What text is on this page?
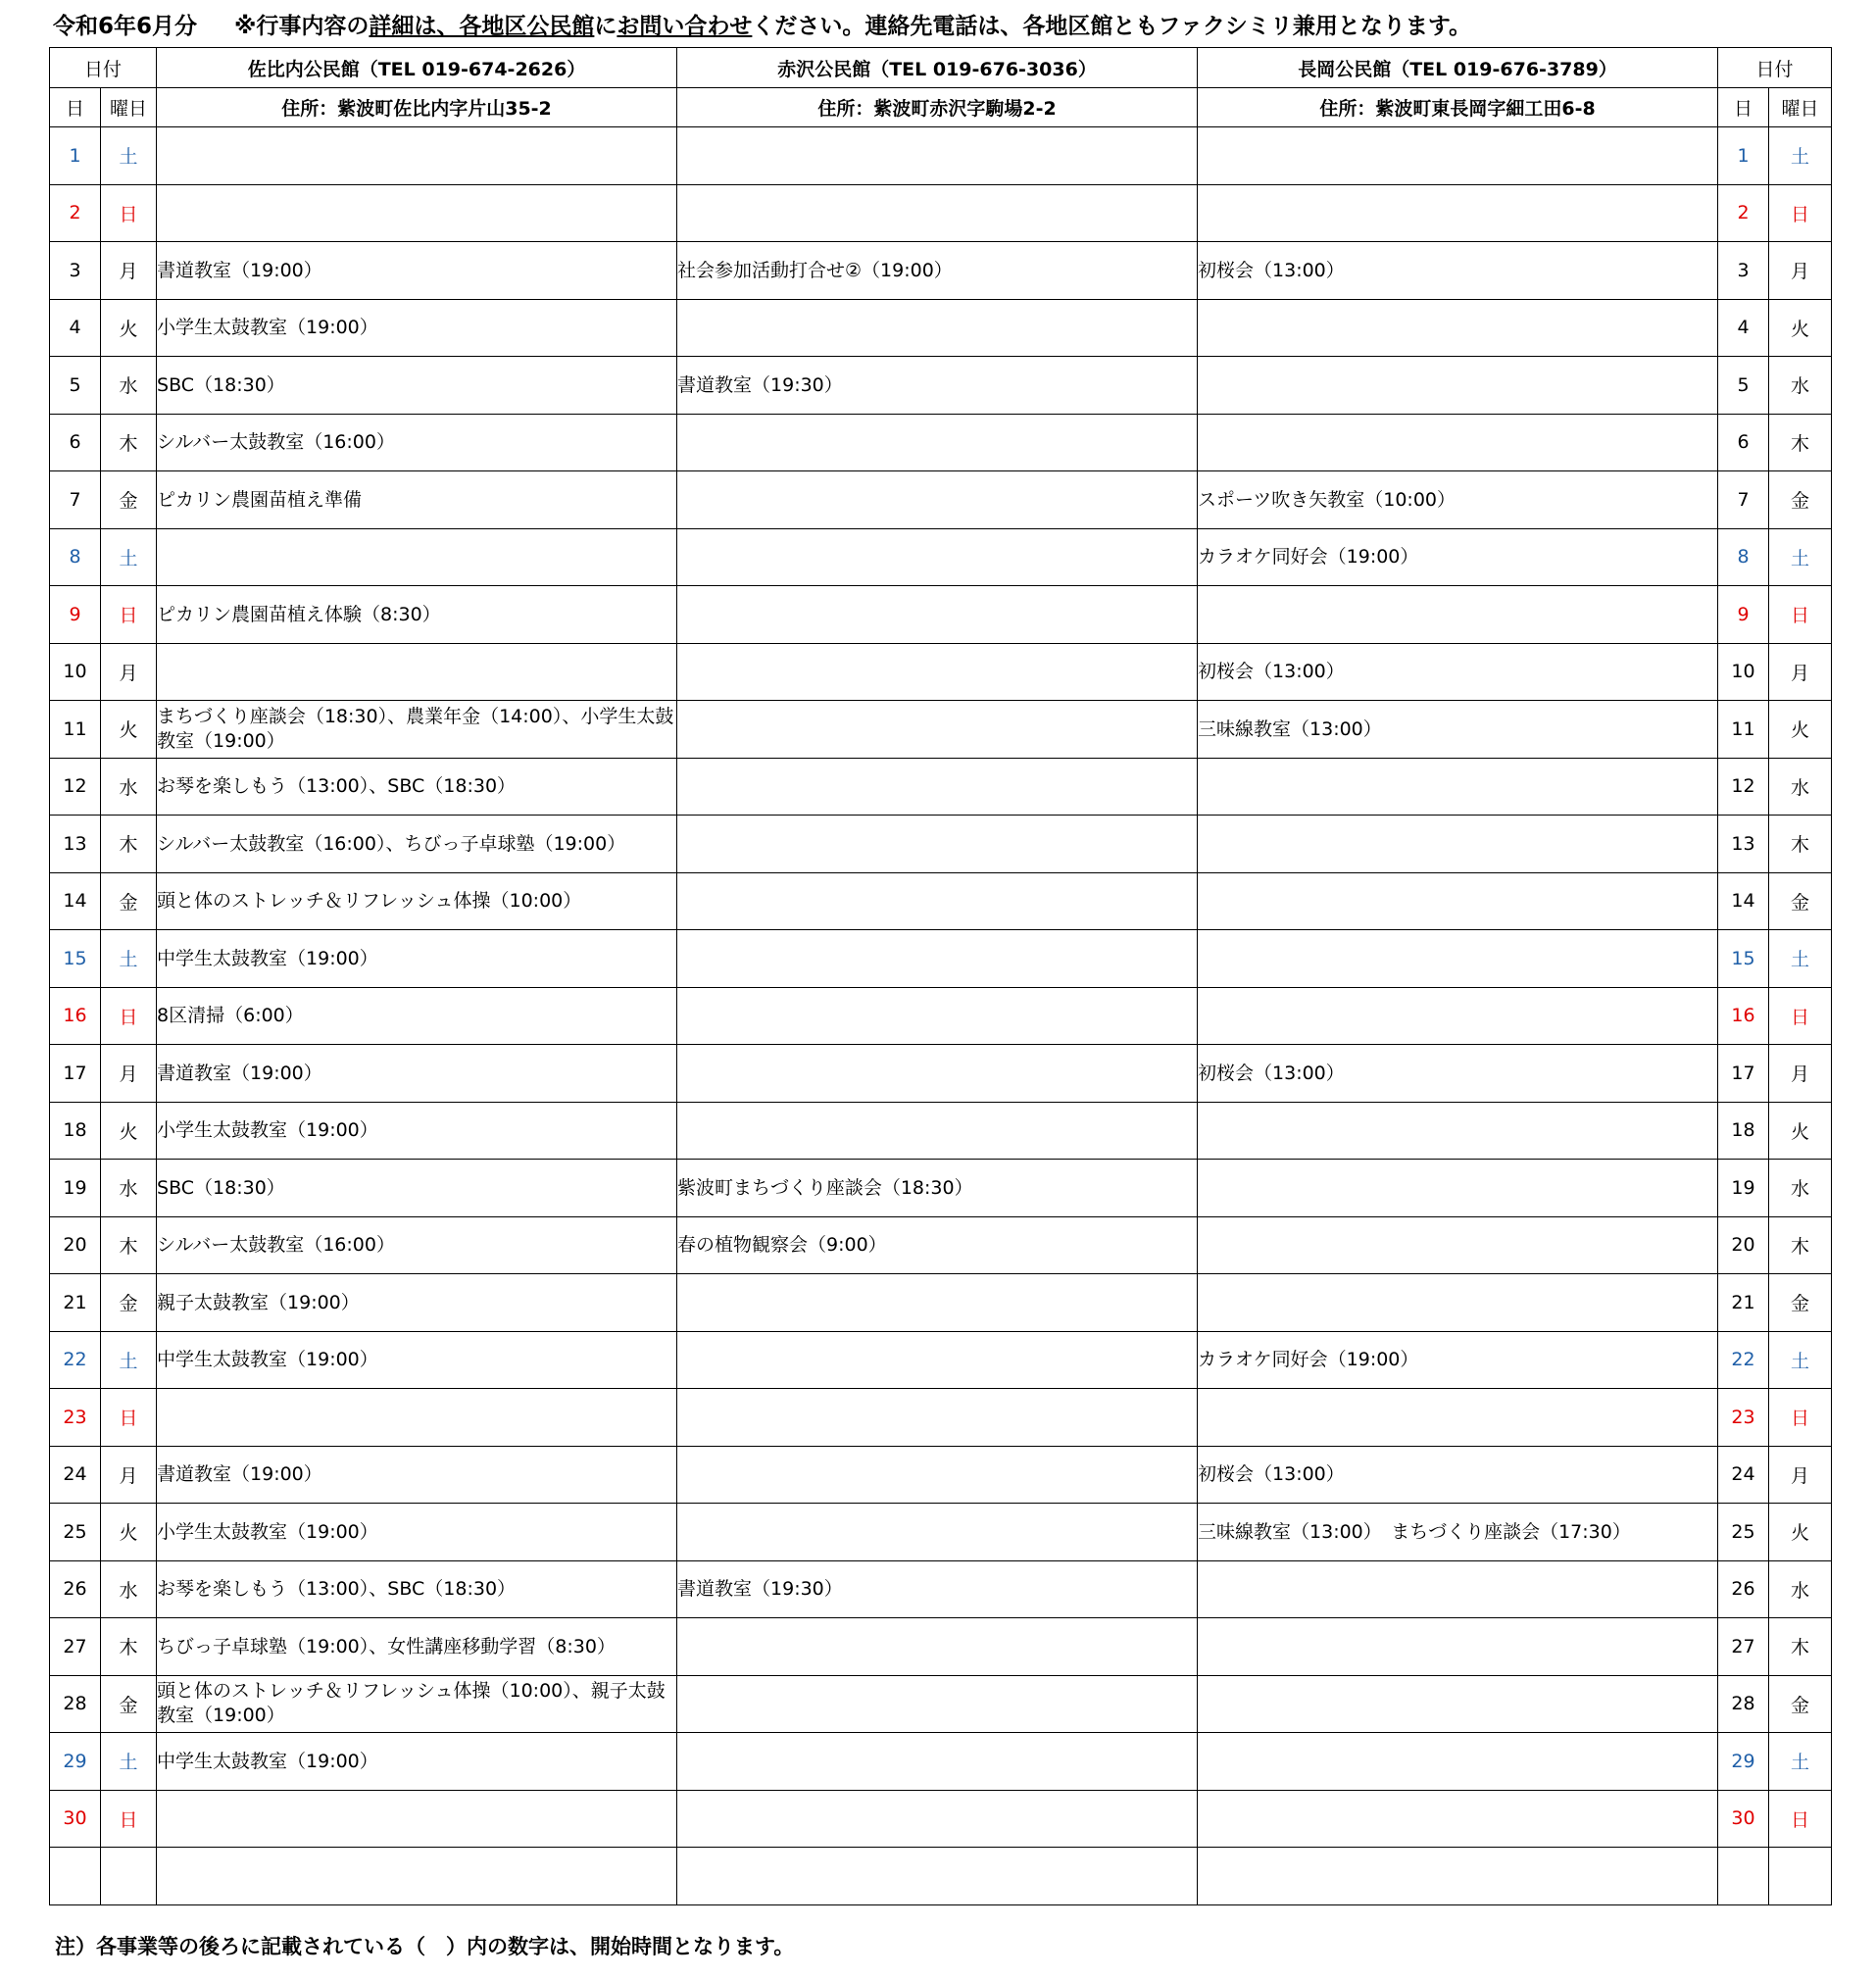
令和6年6月分 ※行事内容の詳細は、各地区公民館にお問い合わせください。連絡先電話は、各地区館ともファクシミリ兼用となります。
日付		佐比内公民館（TEL 019-674-2626）	赤沢公民館（TEL 019-676-3036）	長岡公民館（TEL 019-676-3789）	日付	
日	曜日	住所：紫波町佐比内字片山35-2	住所：紫波町赤沢字駒場2-2	住所：紫波町東長岡字細工田6-8	日	曜日
1	土				1	土
2	日				2	日
3	月	書道教室（19:00）	社会参加活動打合せ②（19:00）	初桜会（13:00）	3	月
4	火	小学生太鼓教室（19:00）			4	火
5	水	SBC（18:30）	書道教室（19:30）		5	水
6	木	シルバー太鼓教室（16:00）			6	木
7	金	ピカリン農園苗植え準備		スポーツ吹き矢教室（10:00）	7	金
8	土			カラオケ同好会（19:00）	8	土
9	日	ピカリン農園苗植え体験（8:30）			9	日
10	月			初桜会（13:00）	10	月
11	火	まちづくり座談会（18:30）、農業年金（14:00）、小学生太鼓教室（19:00）		三味線教室（13:00）	11	火
12	水	お琴を楽しもう（13:00）、SBC（18:30）			12	水
13	木	シルバー太鼓教室（16:00）、ちびっ子卓球塾（19:00）			13	木
14	金	頭と体のストレッチ＆リフレッシュ体操（10:00）			14	金
15	土	中学生太鼓教室（19:00）			15	土
16	日	8区清掃（6:00）			16	日
17	月	書道教室（19:00）		初桜会（13:00）	17	月
18	火	小学生太鼓教室（19:00）			18	火
19	水	SBC（18:30）	紫波町まちづくり座談会（18:30）		19	水
20	木	シルバー太鼓教室（16:00）	春の植物観察会（9:00）		20	木
21	金	親子太鼓教室（19:00）			21	金
22	土	中学生太鼓教室（19:00）		カラオケ同好会（19:00）	22	土
23	日				23	日
24	月	書道教室（19:00）		初桜会（13:00）	24	月
25	火	小学生太鼓教室（19:00）		三味線教室（13:00）　まちづくり座談会（17:30）	25	火
26	水	お琴を楽しもう（13:00）、SBC（18:30）	書道教室（19:30）		26	水
27	木	ちびっ子卓球塾（19:00）、女性講座移動学習（8:30）			27	木
28	金	頭と体のストレッチ＆リフレッシュ体操（10:00）、親子太鼓教室（19:00）			28	金
29	土	中学生太鼓教室（19:00）			29	土
30	日				30	日

注）各事業等の後ろに記載されている（　）内の数字は、開始時間となります。
